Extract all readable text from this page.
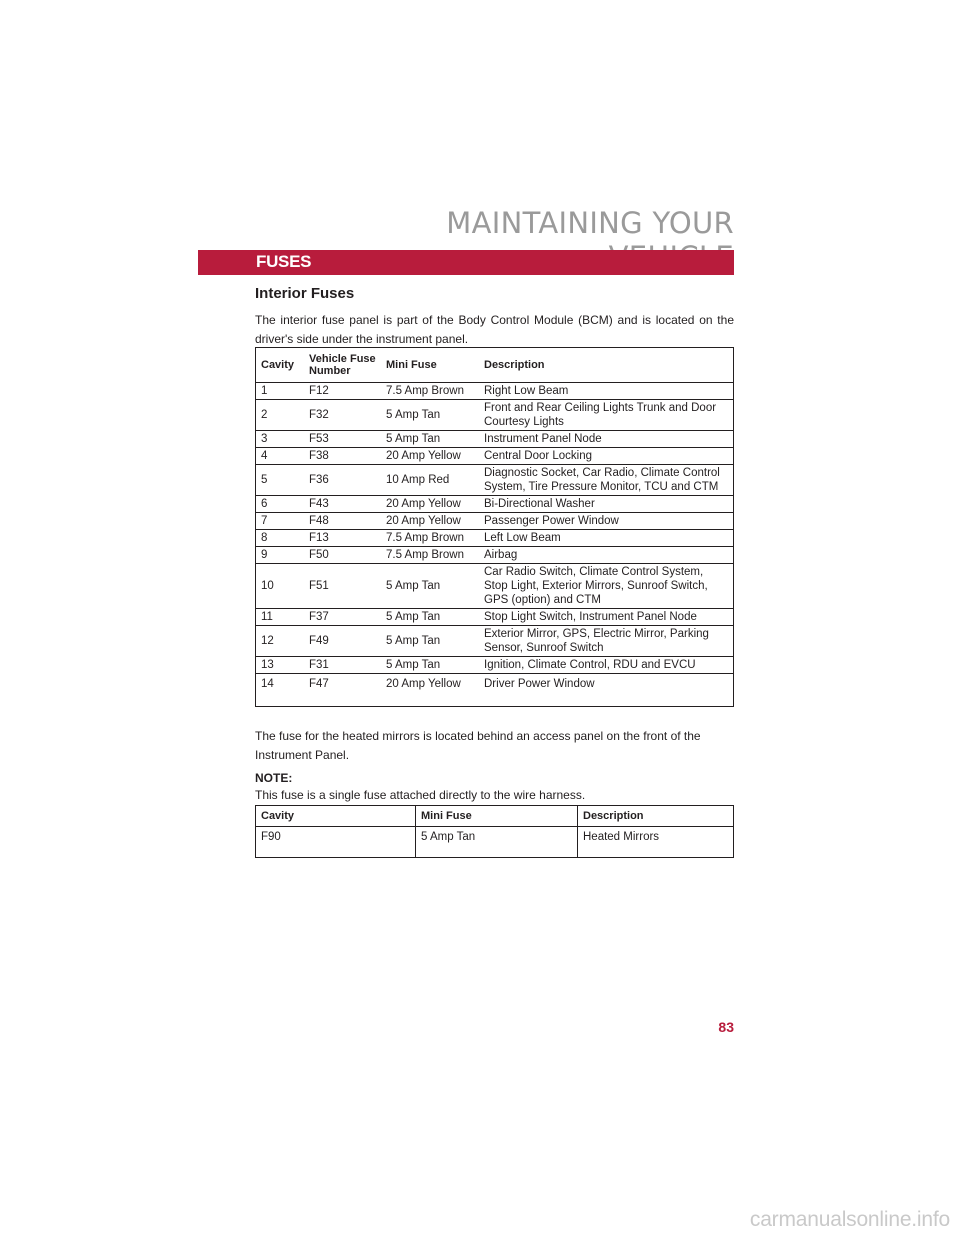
MAINTAINING YOUR
FUSES
Interior Fuses
The interior fuse panel is part of the Body Control Module (BCM) and is located on the driver's side under the instrument panel.
Cavity	Vehicle Fuse Number	Mini Fuse	Description
1	F12	7.5 Amp Brown	Right Low Beam
2	F32	5 Amp Tan	Front and Rear Ceiling Lights Trunk and Door Courtesy Lights
3	F53	5 Amp Tan	Instrument Panel Node
4	F38	20 Amp Yellow	Central Door Locking
5	F36	10 Amp Red	Diagnostic Socket, Car Radio, Climate Control System, Tire Pressure Monitor, TCU and CTM
6	F43	20 Amp Yellow	Bi-Directional Washer
7	F48	20 Amp Yellow	Passenger Power Window
8	F13	7.5 Amp Brown	Left Low Beam
9	F50	7.5 Amp Brown	Airbag
10	F51	5 Amp Tan	Car Radio Switch, Climate Control System, Stop Light, Exterior Mirrors, Sunroof Switch, GPS (option) and CTM
11	F37	5 Amp Tan	Stop Light Switch, Instrument Panel Node
12	F49	5 Amp Tan	Exterior Mirror, GPS, Electric Mirror, Parking Sensor, Sunroof Switch
13	F31	5 Amp Tan	Ignition, Climate Control, RDU and EVCU
14	F47	20 Amp Yellow	Driver Power Window
The fuse for the heated mirrors is located behind an access panel on the front of the Instrument Panel.
NOTE:
This fuse is a single fuse attached directly to the wire harness.
Cavity	Mini Fuse	Description
F90	5 Amp Tan	Heated Mirrors
83
carmanualsonline.info
